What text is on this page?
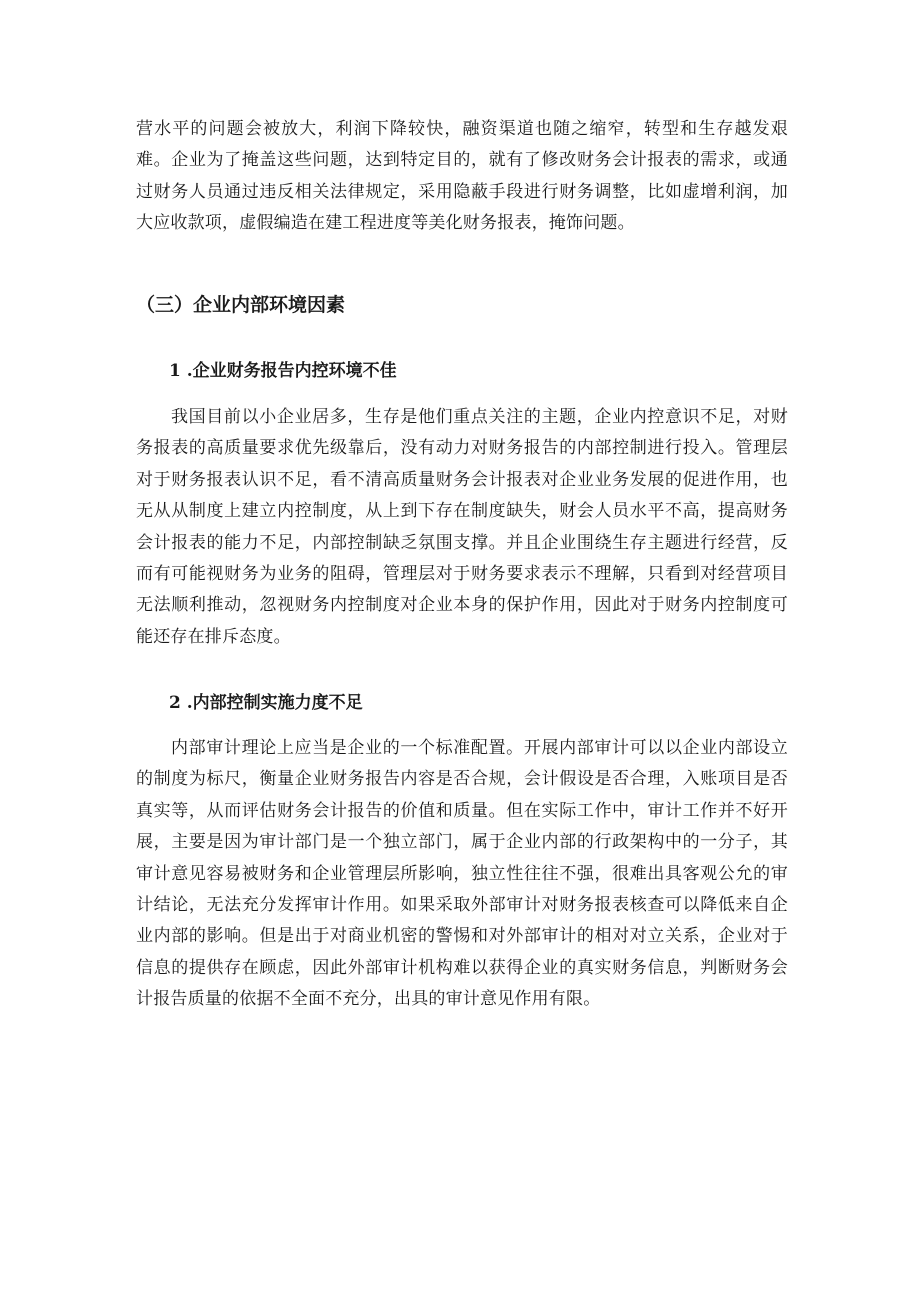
营水平的问题会被放大，利润下降较快，融资渠道也随之缩窄，转型和生存越发艰难。企业为了掩盖这些问题，达到特定目的，就有了修改财务会计报表的需求，或通过财务人员通过违反相关法律规定，采用隐蔽手段进行财务调整，比如虚增利润，加大应收款项，虚假编造在建工程进度等美化财务报表，掩饰问题。

（三）企业内部环境因素
1 .企业财务报告内控环境不佳

我国目前以小企业居多，生存是他们重点关注的主题，企业内控意识不足，对财务报表的高质量要求优先级靠后，没有动力对财务报告的内部控制进行投入。管理层对于财务报表认识不足，看不清高质量财务会计报表对企业业务发展的促进作用，也无从从制度上建立内控制度，从上到下存在制度缺失，财会人员水平不高，提高财务会计报表的能力不足，内部控制缺乏氛围支撑。并且企业围绕生存主题进行经营，反而有可能视财务为业务的阻碍，管理层对于财务要求表示不理解，只看到对经营项目无法顺利推动，忽视财务内控制度对企业本身的保护作用，因此对于财务内控制度可能还存在排斥态度。

2 .内部控制实施力度不足

内部审计理论上应当是企业的一个标准配置。开展内部审计可以以企业内部设立的制度为标尺，衡量企业财务报告内容是否合规，会计假设是否合理，入账项目是否真实等，从而评估财务会计报告的价值和质量。但在实际工作中，审计工作并不好开展，主要是因为审计部门是一个独立部门，属于企业内部的行政架构中的一分子，其审计意见容易被财务和企业管理层所影响，独立性往往不强，很难出具客观公允的审计结论，无法充分发挥审计作用。如果采取外部审计对财务报表核查可以降低来自企业内部的影响。但是出于对商业机密的警惕和对外部审计的相对对立关系，企业对于信息的提供存在顾虑，因此外部审计机构难以获得企业的真实财务信息，判断财务会计报告质量的依据不全面不充分，出具的审计意见作用有限。
